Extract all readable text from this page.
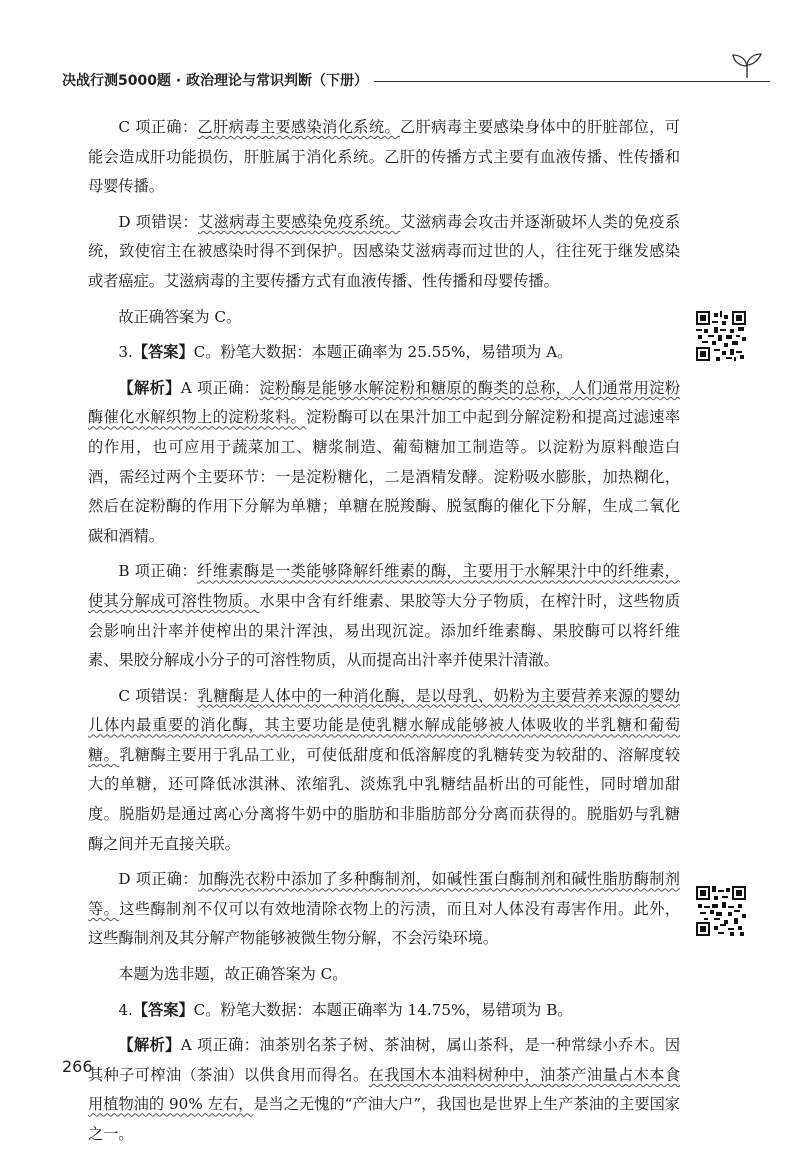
决战行测5000题 · 政治理论与常识判断（下册）

C 项正确：乙肝病毒主要感染消化系统。乙肝病毒主要感染身体中的肝脏部位，可能会造成肝功能损伤，肝脏属于消化系统。乙肝的传播方式主要有血液传播、性传播和母婴传播。

D 项错误：艾滋病毒主要感染免疫系统。艾滋病毒会攻击并逐渐破坏人类的免疫系统，致使宿主在被感染时得不到保护。因感染艾滋病毒而过世的人，往往死于继发感染或者癌症。艾滋病毒的主要传播方式有血液传播、性传播和母婴传播。

故正确答案为 C。

3.【答案】C。粉笔大数据：本题正确率为 25.55%，易错项为 A。

【解析】A 项正确：淀粉酶是能够水解淀粉和糖原的酶类的总称，人们通常用淀粉酶催化水解织物上的淀粉浆料。淀粉酶可以在果汁加工中起到分解淀粉和提高过滤速率的作用，也可应用于蔬菜加工、糖浆制造、葡萄糖加工制造等。以淀粉为原料酿造白酒，需经过两个主要环节：一是淀粉糖化，二是酒精发酵。淀粉吸水膨胀，加热糊化，然后在淀粉酶的作用下分解为单糖；单糖在脱羧酶、脱氢酶的催化下分解，生成二氧化碳和酒精。

B 项正确：纤维素酶是一类能够降解纤维素的酶，主要用于水解果汁中的纤维素，使其分解成可溶性物质。水果中含有纤维素、果胶等大分子物质，在榨汁时，这些物质会影响出汁率并使榨出的果汁浑浊，易出现沉淀。添加纤维素酶、果胶酶可以将纤维素、果胶分解成小分子的可溶性物质，从而提高出汁率并使果汁清澈。

C 项错误：乳糖酶是人体中的一种消化酶，是以母乳、奶粉为主要营养来源的婴幼儿体内最重要的消化酶，其主要功能是使乳糖水解成能够被人体吸收的半乳糖和葡萄糖。乳糖酶主要用于乳品工业，可使低甜度和低溶解度的乳糖转变为较甜的、溶解度较大的单糖，还可降低冰淇淋、浓缩乳、淡炼乳中乳糖结晶析出的可能性，同时增加甜度。脱脂奶是通过离心分离将牛奶中的脂肪和非脂肪部分分离而获得的。脱脂奶与乳糖酶之间并无直接关联。

D 项正确：加酶洗衣粉中添加了多种酶制剂，如碱性蛋白酶制剂和碱性脂肪酶制剂等。这些酶制剂不仅可以有效地清除衣物上的污渍，而且对人体没有毒害作用。此外，这些酶制剂及其分解产物能够被微生物分解，不会污染环境。

本题为选非题，故正确答案为 C。

4.【答案】C。粉笔大数据：本题正确率为 14.75%，易错项为 B。

【解析】A 项正确：油茶别名茶子树、茶油树，属山茶科，是一种常绿小乔木。因其种子可榨油（茶油）以供食用而得名。在我国木本油料树种中，油茶产油量占木本食用植物油的 90% 左右，是当之无愧的“产油大户”，我国也是世界上生产茶油的主要国家之一。

266
